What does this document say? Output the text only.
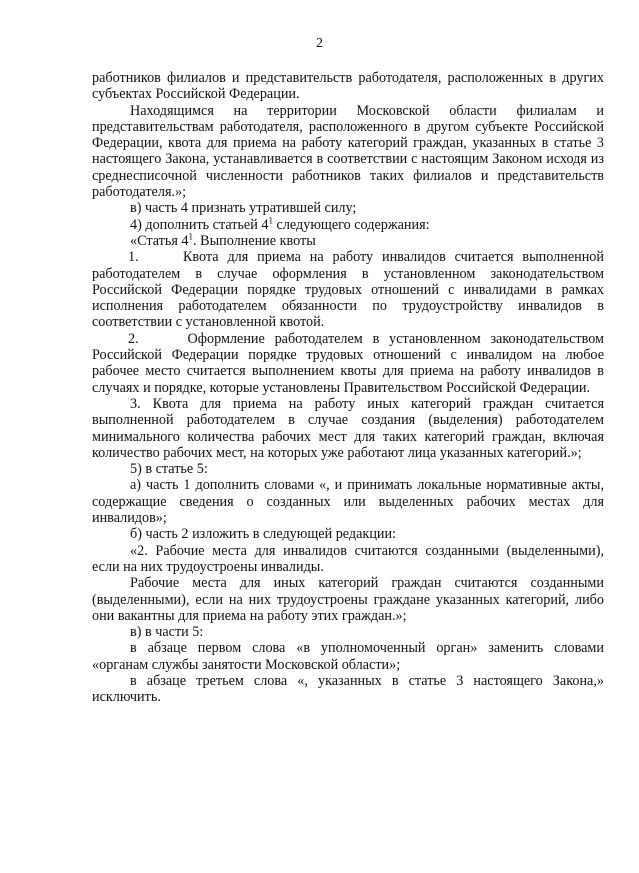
2

работников филиалов и представительств работодателя, расположенных в других субъектах Российской Федерации.

Находящимся на территории Московской области филиалам и представительствам работодателя, расположенного в другом субъекте Российской Федерации, квота для приема на работу категорий граждан, указанных в статье 3 настоящего Закона, устанавливается в соответствии с настоящим Законом исходя из среднесписочной численности работников таких филиалов и представительств работодателя.»;

в) часть 4 признать утратившей силу;

4) дополнить статьей $4^1$ следующего содержания:

«Статья $4^1$. Выполнение квоты

1.     Квота для приема на работу инвалидов считается выполненной работодателем в случае оформления в установленном законодательством Российской Федерации порядке трудовых отношений с инвалидами в рамках исполнения работодателем обязанности по трудоустройству инвалидов в соответствии с установленной квотой.

2.     Оформление работодателем в установленном законодательством Российской Федерации порядке трудовых отношений с инвалидом на любое рабочее место считается выполнением квоты для приема на работу инвалидов в случаях и порядке, которые установлены Правительством Российской Федерации.

3. Квота для приема на работу иных категорий граждан считается выполненной работодателем в случае создания (выделения) работодателем минимального количества рабочих мест для таких категорий граждан, включая количество рабочих мест, на которых уже работают лица указанных категорий.»;

5) в статье 5:

а) часть 1 дополнить словами «, и принимать локальные нормативные акты, содержащие сведения о созданных или выделенных рабочих местах для инвалидов»;

б) часть 2 изложить в следующей редакции:

«2. Рабочие места для инвалидов считаются созданными (выделенными), если на них трудоустроены инвалиды.

Рабочие места для иных категорий граждан считаются созданными (выделенными), если на них трудоустроены граждане указанных категорий, либо они вакантны для приема на работу этих граждан.»;

в) в части 5:

в абзаце первом слова «в уполномоченный орган» заменить словами «органам службы занятости Московской области»;

в абзаце третьем слова «, указанных в статье 3 настоящего Закона,» исключить.
